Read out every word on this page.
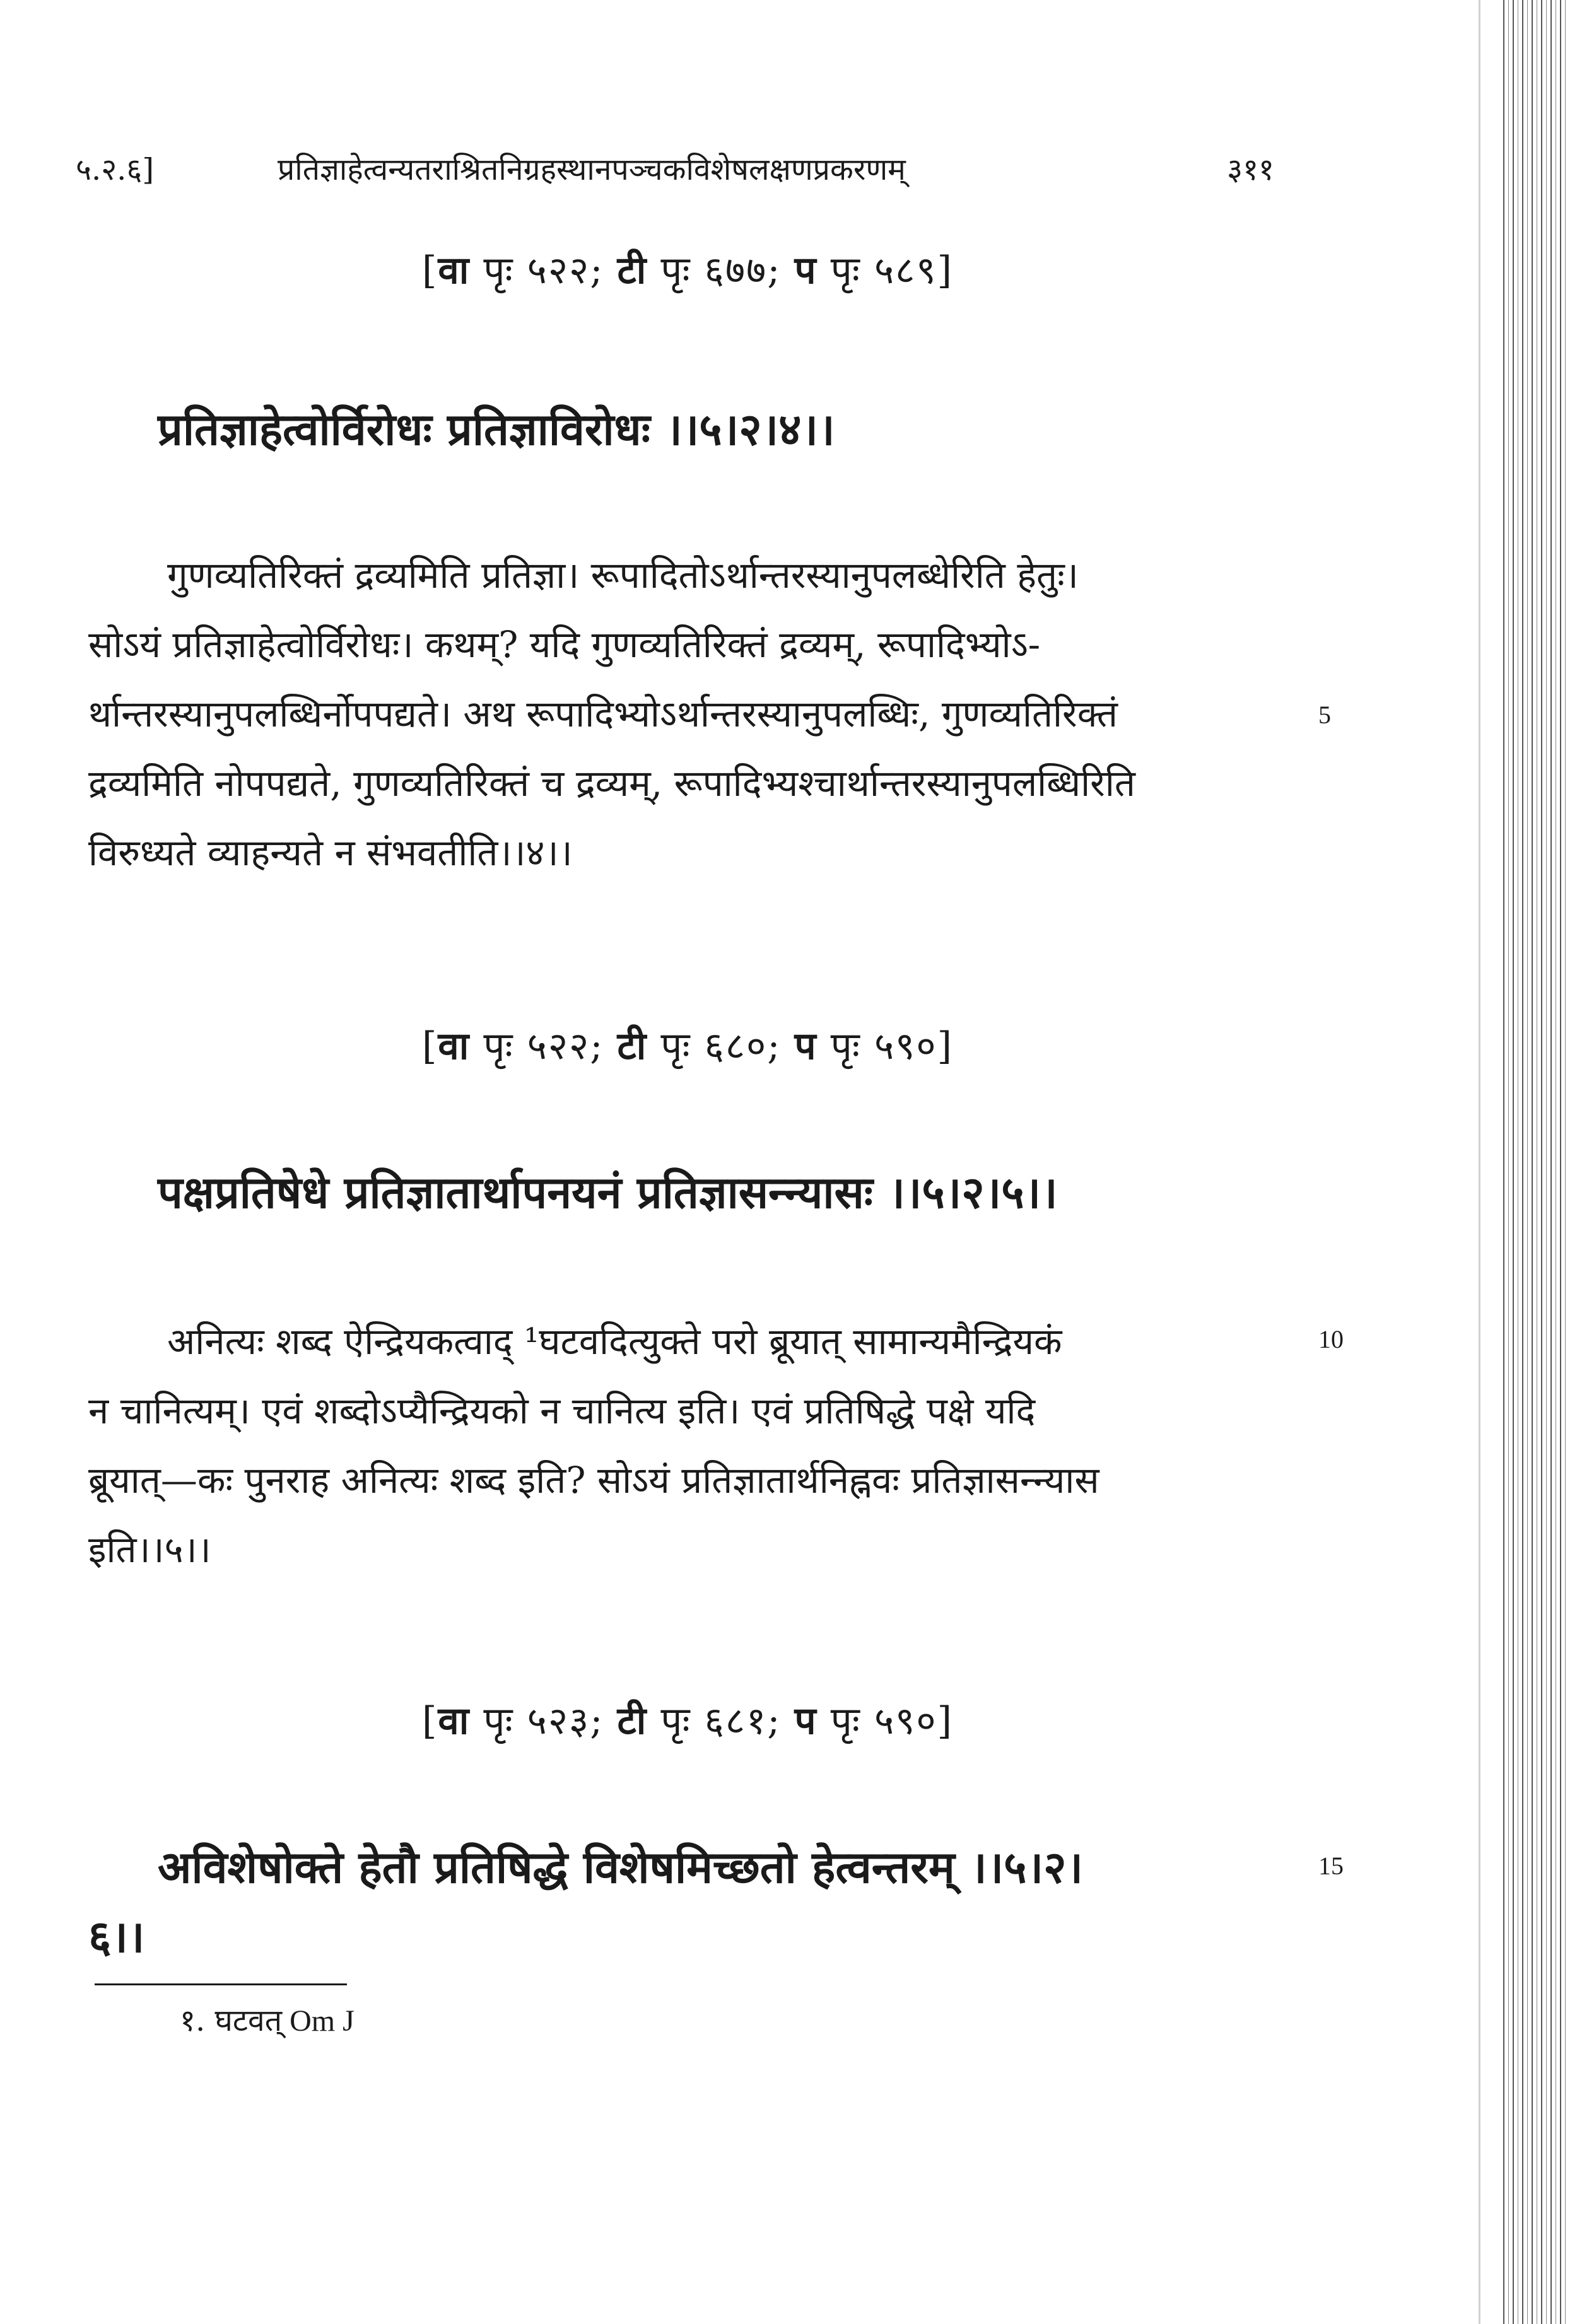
५.२.६]	प्रतिज्ञाहेत्वन्यतराश्रितनिग्रहस्थानपञ्चकविशेषलक्षणप्रकरणम्	३११
[वा पृः ५२२; टी पृः ६७७; प पृः ५८९]
प्रतिज्ञाहेत्वोर्विरोधः प्रतिज्ञाविरोधः ।।५।२।४।।
गुणव्यतिरिक्तं द्रव्यमिति प्रतिज्ञा। रूपादितोऽर्थान्तरस्यानुपलब्धेरिति हेतुः।
सोऽयं प्रतिज्ञाहेत्वोर्विरोधः। कथम्? यदि गुणव्यतिरिक्तं द्रव्यम्, रूपादिभ्योऽ-
र्थान्तरस्यानुपलब्धिर्नोपपद्यते। अथ रूपादिभ्योऽर्थान्तरस्यानुपलब्धिः, गुणव्यतिरिक्तं
द्रव्यमिति नोपपद्यते, गुणव्यतिरिक्तं च द्रव्यम्, रूपादिभ्यश्चार्थान्तरस्यानुपलब्धिरिति
विरुध्यते व्याहन्यते न संभवतीति।।४।।
5
[वा पृः ५२२; टी पृः ६८०; प पृः ५९०]
पक्षप्रतिषेधे प्रतिज्ञातार्थापनयनं प्रतिज्ञासन्न्यासः ।।५।२।५।।
अनित्यः शब्द ऐन्द्रियकत्वाद् ¹घटवदित्युक्ते परो ब्रूयात् सामान्यमैन्द्रियकं
न चानित्यम्। एवं शब्दोऽप्यैन्द्रियको न चानित्य इति। एवं प्रतिषिद्धे पक्षे यदि
ब्रूयात्—कः पुनराह अनित्यः शब्द इति? सोऽयं प्रतिज्ञातार्थनिह्नवः प्रतिज्ञासन्न्यास
इति।।५।।
10
[वा पृः ५२३; टी पृः ६८१; प पृः ५९०]
अविशेषोक्ते हेतौ प्रतिषिद्धे विशेषमिच्छतो हेत्वन्तरम् ।।५।२।
६।।
15
१. घटवत् Om J
